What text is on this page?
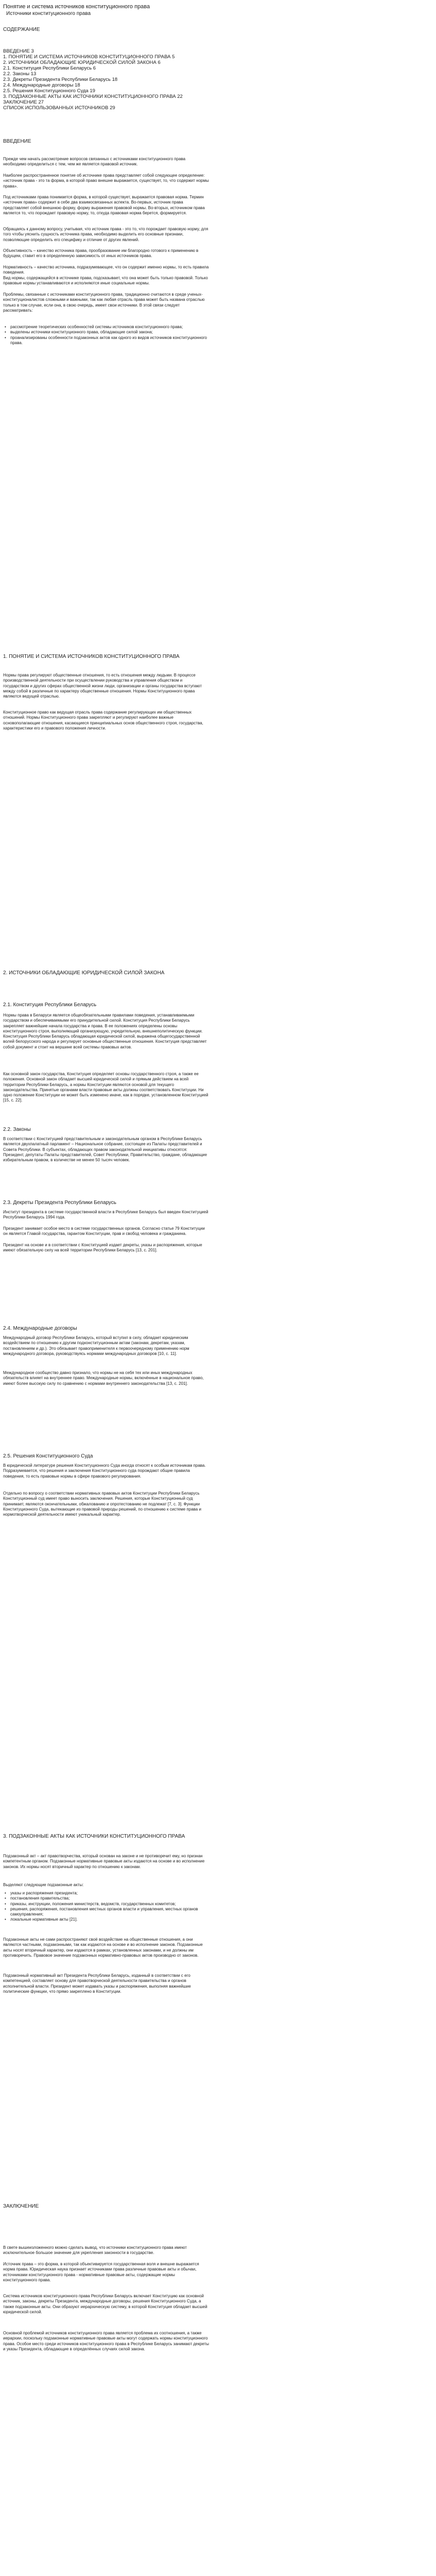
Понятие и система источников конституционного права
Источники конституционного права
СОДЕРЖАНИЕ
ВВЕДЕНИЕ 3
1. ПОНЯТИЕ И СИСТЕМА ИСТОЧНИКОВ КОНСТИТУЦИОННОГО ПРАВА 5
2. ИСТОЧНИКИ ОБЛАДАЮЩИЕ ЮРИДИЧЕСКОЙ СИЛОЙ ЗАКОНА 6
2.1. Конституция Республики Беларусь 6
2.2. Законы 13
2.3. Декреты Президента Республики Беларусь 18
2.4. Международные договоры 18
2.5. Решения Конституционного Суда 19
3. ПОДЗАКОННЫЕ АКТЫ КАК ИСТОЧНИКИ КОНСТИТУЦИОННОГО ПРАВА 22
ЗАКЛЮЧЕНИЕ 27
СПИСОК ИСПОЛЬЗОВАННЫХ ИСТОЧНИКОВ 29
ВВЕДЕНИЕ

Прежде чем начать рассмотрение вопросов связанных с источниками конституционного права необходимо определиться с тем, чем же является правовой источник.

Наиболее распространенное понятие об источнике права представляет собой следующее определение: «источник права - это та форма, в которой право внешне выражается, существует, то, что содержит нормы права».

Под источниками права понимается форма, в которой существует, выражается правовая норма. Термин «источник права» содержит в себе два взаимосвязанных аспекта. Во-первых, источник права представляет собой внешнюю форму, форму выражения правовой нормы. Во-вторых, источником права является то, что порождает правовую норму, то, откуда правовая норма берется, формируется.

Обращаясь к данному вопросу, учитывая, что источник права - это то, что порождает правовую норму, для того чтобы уяснить сущность источника права, необходимо выделить его основные признаки, позволяющие определить его специфику и отличие от других явлений.

Объективность – качество источника права, прообразование им благородно готового к применению в будущем, ставит его в определенную зависимость от иных источников права.

Нормативность – качество источника, подразумевающее, что он содержит именно нормы, то есть правила поведения.

Вид нормы, содержащейся в источнике права, подсказывает, что она может быть только правовой. Только правовые нормы устанавливаются и исполняются иные социальные нормы.

Проблемы, связанные с источниками конституционного права, традиционно считаются в среде ученых-конституционалистов сложными и важными, так как любая отрасль права может быть названа отраслью только в том случае, если она, в свою очередь, имеет свои источники. В этой связи следует рассматривать:

• рассмотрение теоретических особенностей системы источников конституционного права;
• выделены источники конституционного права, обладающие силой закона;
• проанализированы особенности подзаконных актов как одного из видов источников конституционного права.
1. ПОНЯТИЕ И СИСТЕМА ИСТОЧНИКОВ КОНСТИТУЦИОННОГО ПРАВА

Нормы права регулируют общественные отношения, то есть отношения между людьми. В процессе производственной деятельности при осуществлении руководства и управления обществом и государством и других сферах общественной жизни люди, организации и органы государства вступают между собой в различные по характеру общественные отношения. Нормы Конституционного права являются ведущей отраслью.

Конституционное право как ведущая отрасль права содержание регулирующих им общественных отношений. Нормы Конституционного права закрепляют и регулируют наиболее важные основополагающие отношения, касающиеся принципиальных основ общественного строя, государства, характеристики его и правового положения личности.

2. ИСТОЧНИКИ ОБЛАДАЮЩИЕ ЮРИДИЧЕСКОЙ СИЛОЙ ЗАКОНА
2.1. Конституция Республики Беларусь

Нормы права в Беларуси является общеобязательными правилами поведения, устанавливаемыми государством и обеспечиваемыми его принудительной силой. Конституция Республики Беларусь закрепляет важнейшие начала государства и права. В ее положениях определены основы конституционного строя, выполняющий организующую, учредительную, внешнеполитическую функции. Конституция Республики Беларусь обладающая юридической силой, выражена общегосударственной волей белорусского народа и регулирует основные общественные отношения. Конституция представляет собой документ и стоит на вершине всей системы правовых актов.

Как основной закон государства, Конституция определяет основы государственного строя, а также ее положения. Основной закон обладает высшей юридической силой и прямым действием на всей территории Республики Беларусь, а нормы Конституции являются основой для текущего законодательства. Принятые органами власти правовые акты должны соответствовать Конституции. Ни одно положение Конституции не может быть изменено иначе, как в порядке, установленном Конституцией [15, с. 22].

2.2. Законы

В соответствии с Конституцией представительным и законодательным органом в Республике Беларусь является двухпалатный парламент – Национальное собрание, состоящее из Палаты представителей и Совета Республики. В субъектах, обладающих правом законодательной инициативы относятся: Президент, депутаты Палаты представителей, Совет Республики, Правительство, граждане, обладающие избирательным правом, в количестве не менее 50 тысяч человек.

2.3. Декреты Президента Республики Беларусь

Институт президента в системе государственной власти в Республике Беларусь был введен Конституцией Республики Беларусь 1994 года.

Президент занимает особое место в системе государственных органов. Согласно статье 79 Конституции он является Главой государства, гарантом Конституции, прав и свобод человека и гражданина.

Президент на основе и в соответствии с Конституцией издает декреты, указы и распоряжения, которые имеют обязательную силу на всей территории Республики Беларусь [13, с. 201].

2.4. Международные договоры

Международный договор Республики Беларусь, который вступил в силу, обладает юридическим воздействием по отношению к другим подконституционным актам (законам, декретам, указам, постановлениям и др.). Это обязывает правоприменителя к первоочередному применению норм международного договора, руководствуясь нормами международных договоров [10, с. 11].

Международное сообщество давно признало, что нормы не на себя тех или иных международных обязательств влияет на внутреннее право. Международные нормы, включённые в национальное право, имеют более высокую силу по сравнению с нормами внутреннего законодательства [13, с. 201].

2.5. Решения Конституционного Суда

В юридической литературе решения Конституционного Суда иногда относят к особым источникам права. Подразумевается, что решения и заключения Конституционного суда порождают общие правила поведения, то есть правовые нормы в сфере правового регулирования.

Отдельно по вопросу о соответствии нормативных правовых актов Конституции Республики Беларусь Конституционный суд имеет право выносить заключения. Решения, которые Конституционный суд принимает, являются окончательными, обжалованию и опротестованию не подлежат [7, с. 3]. Функции Конституционного Суда, вытекающие из правовой природы решений, по отношению к системе права и нормотворческой деятельности имеют уникальный характер.

3. ПОДЗАКОННЫЕ АКТЫ КАК ИСТОЧНИКИ КОНСТИТУЦИОННОГО ПРАВА

Подзаконный акт – акт правотворчества, который основан на законе и не противоречит ему, но признан компетентным органом. Подзаконные нормативные правовые акты издаются на основе и во исполнение законов. Их нормы носят вторичный характер по отношению к законам.

Выделяют следующие подзаконные акты:

• указы и распоряжения президента;
• постановления правительства;
• приказы, инструкции, положения министерств, ведомств, государственных комитетов;
• решения, распоряжения, постановления местных органов власти и управления, местных органов самоуправления;
• локальные нормативные акты [21].

Подзаконные акты не сами распространяют своё воздействие на общественные отношения, а они являются частными, подзаконными, так как издаются на основе и во исполнение законов. Подзаконные акты носят вторичный характер, они издаются в рамках, установленных законами, и не должны им противоречить. Правовое значение подзаконных нормативно-правовых актов производно от законов.

Подзаконный нормативный акт Президента Республики Беларусь, изданный в соответствии с его компетенцией, составляет основу для правотворческой деятельности правительства и органов исполнительной власти. Президент может издавать указы и распоряжения, выполняя важнейшие политические функции, что прямо закреплено в Конституции.

ЗАКЛЮЧЕНИЕ

В свете вышеизложенного можно сделать вывод, что источники конституционного права имеют исключительное большое значение для укрепления законности в государстве.

Источник права – это форма, в которой объективируется государственная воля и внешне выражается норма права. Юридическая наука признает источниками права различные правовые акты и обычаи, источниками конституционного права - нормативные правовые акты, содержащие нормы конституционного права.

Система источников конституционного права Республики Беларусь включает Конституцию как основной источник, законы, декреты Президента, международные договоры, решения Конституционного Суда, а также подзаконные акты. Они образуют иерархическую систему, в которой Конституция обладает высшей юридической силой.

Основной проблемой источников конституционного права является проблема их соотношения, а также иерархии, поскольку подзаконные нормативные правовые акты могут содержать нормы конституционного права. Особое место среди источников конституционного права в Республике Беларусь занимают декреты и указы Президента, обладающие в определённых случаях силой закона.
